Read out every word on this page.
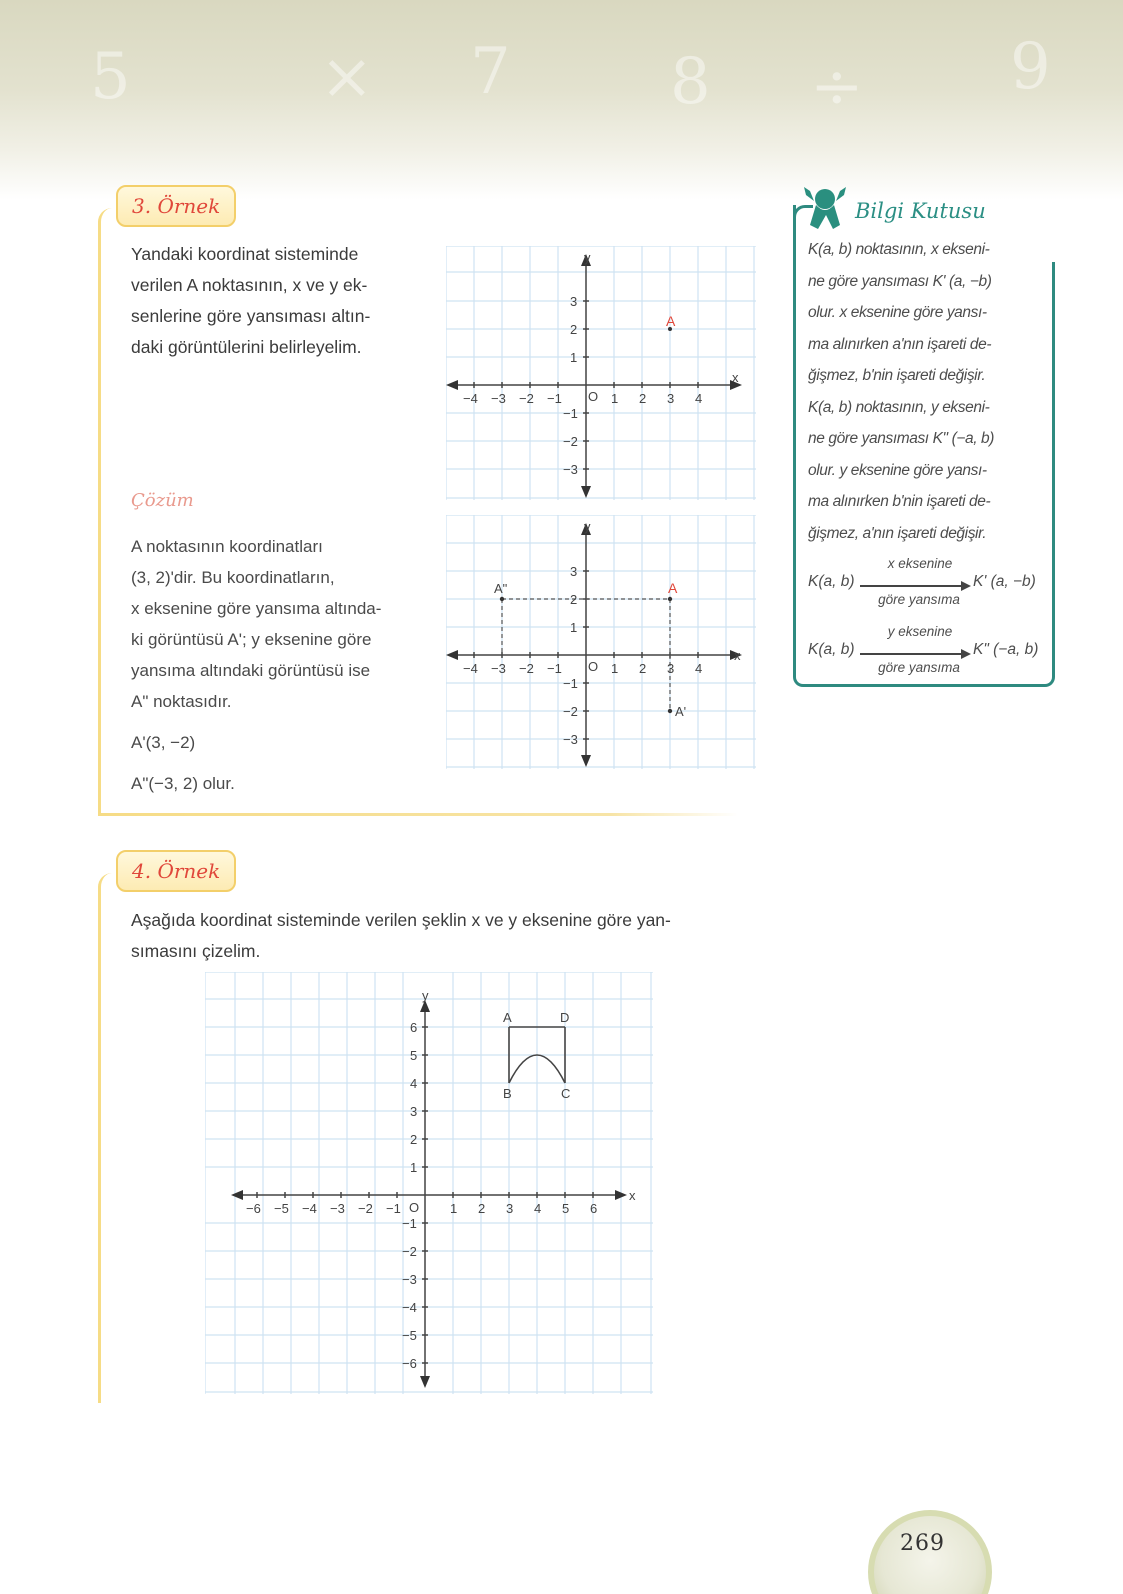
5	× 7 8 ÷ 9
3. Örnek
Yandaki koordinat sisteminde
verilen A noktasının, x ve y ek-
senlerine göre yansıması altın-
daki görüntülerini belirleyelim.
Çözüm
A noktasının koordinatları
(3, 2)'dir. Bu koordinatların,
x eksenine göre yansıma altında-
ki görüntüsü A'; y eksenine göre
yansıma altındaki görüntüsü ise
A" noktasıdır.
A'(3, −2)
A"(−3, 2) olur.
x
y
O
−4 −3 −2 −1	1 2 3 4
3
2
1
−1
−2
−3
A
x
y
O
−4 −3 −2 −1	1 2 3 4
3
2
1
−1
−2
−3
A
A"
A'
Bilgi Kutusu
K(a, b) noktasının, x ekseni-
ne göre yansıması K' (a, −b)
olur. x eksenine göre yansı-
ma alınırken a'nın işareti de-
ğişmez, b'nin işareti değişir.
K(a, b) noktasının, y ekseni-
ne göre yansıması K" (−a, b)
olur. y eksenine göre yansı-
ma alınırken b'nin işareti de-
ğişmez, a'nın işareti değişir.
K(a, b)
x eksenine
göre yansıma
K' (a, −b)
K(a, b)
y eksenine
göre yansıma
K" (−a, b)
4. Örnek
Aşağıda koordinat sisteminde verilen şeklin x ve y eksenine göre yan-
sımasını çizelim.
x
y
O
−6 −5 −4 −3 −2 −1	1 2 3 4 5 6
6
5
4
3
2
1
−1
−2
−3
−4
−5
−6
A	D
B	C
269
